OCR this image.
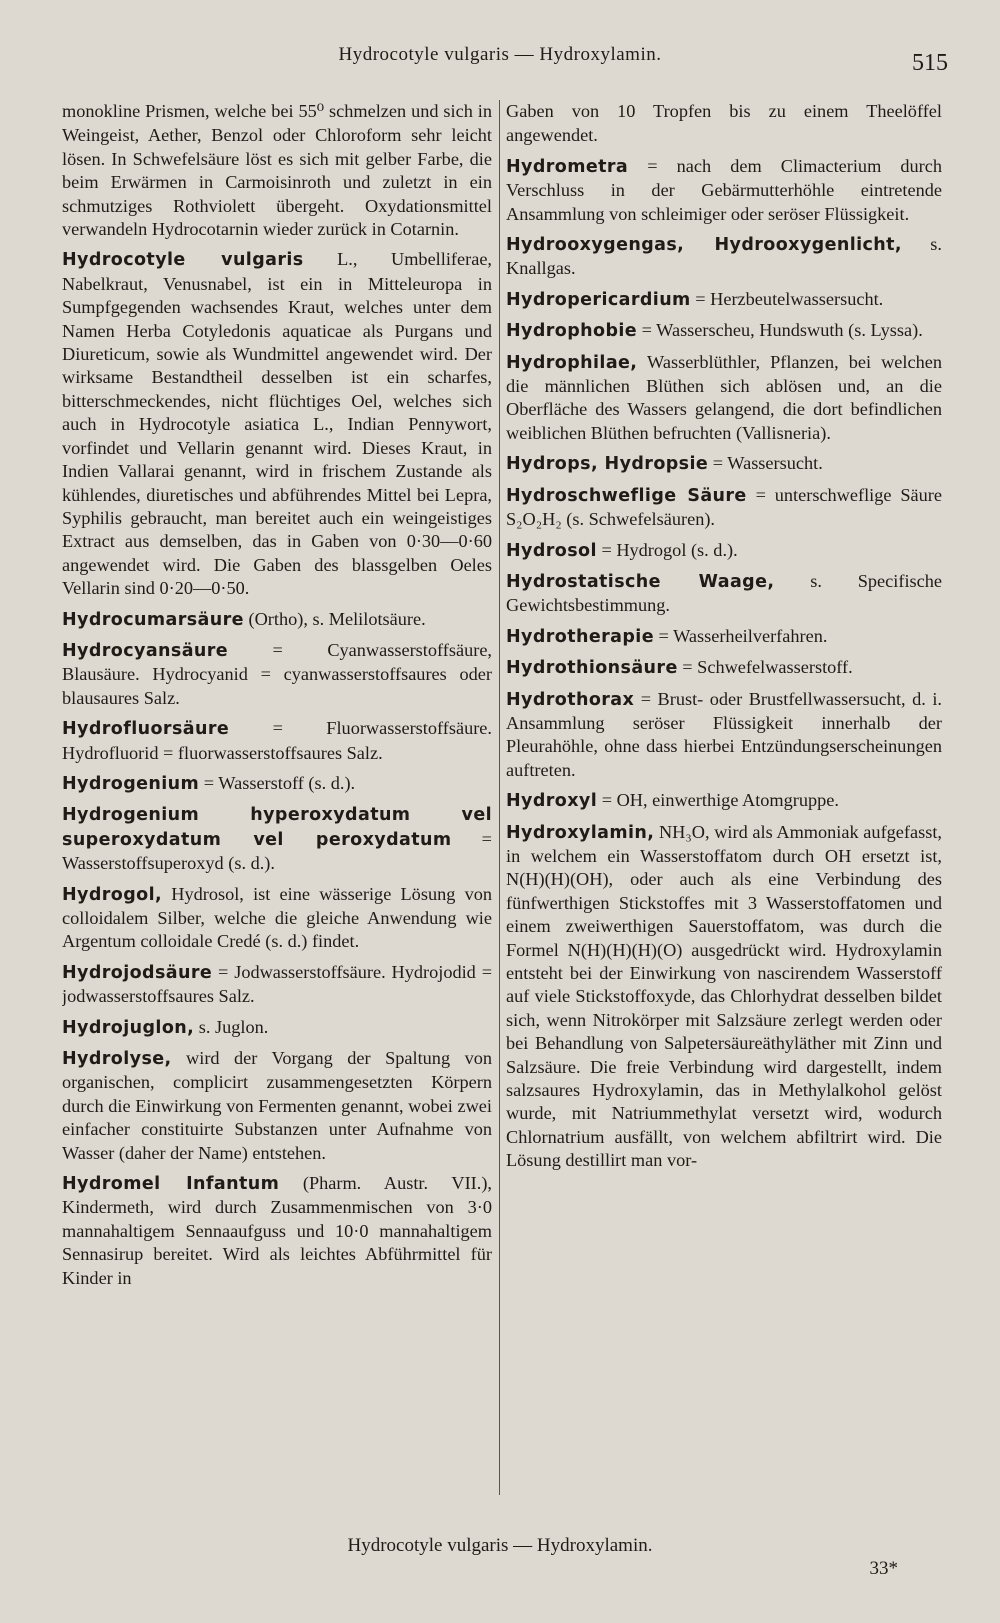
Hydrocotyle vulgaris — Hydroxylamin.	515

monokline Prismen, welche bei 55⁰ schmelzen und sich in Weingeist, Aether, Benzol oder Chloroform sehr leicht lösen. In Schwefelsäure löst es sich mit gelber Farbe, die beim Erwärmen in Carmoisinroth und zuletzt in ein schmutziges Rothviolett übergeht. Oxydationsmittel verwandeln Hydrocotarnin wieder zurück in Cotarnin.

Hydrocotyle vulgaris L., Umbelliferae, Nabelkraut, Venusnabel, ist ein in Mitteleuropa in Sumpfgegenden wachsendes Kraut, welches unter dem Namen Herba Cotyledonis aquaticae als Purgans und Diureticum, sowie als Wundmittel angewendet wird. Der wirksame Bestandtheil desselben ist ein scharfes, bitterschmeckendes, nicht flüchtiges Oel, welches sich auch in Hydrocotyle asiatica L., Indian Pennywort, vorfindet und Vellarin genannt wird. Dieses Kraut, in Indien Vallarai genannt, wird in frischem Zustande als kühlendes, diuretisches und abführendes Mittel bei Lepra, Syphilis gebraucht, man bereitet auch ein weingeistiges Extract aus demselben, das in Gaben von 0·30—0·60 angewendet wird. Die Gaben des blassgelben Oeles Vellarin sind 0·20—0·50.

Hydrocumarsäure (Ortho), s. Melilotsäure.

Hydrocyansäure = Cyanwasserstoffsäure, Blausäure. Hydrocyanid = cyanwasserstoffsaures oder blausaures Salz.

Hydrofluorsäure = Fluorwasserstoffsäure. Hydrofluorid = fluorwasserstoffsaures Salz.

Hydrogenium = Wasserstoff (s. d.).

Hydrogenium hyperoxydatum vel superoxydatum vel peroxydatum = Wasserstoffsuperoxyd (s. d.).

Hydrogol, Hydrosol, ist eine wässerige Lösung von colloidalem Silber, welche die gleiche Anwendung wie Argentum colloidale Credé (s. d.) findet.

Hydrojodsäure = Jodwasserstoffsäure. Hydrojodid = jodwasserstoffsaures Salz.

Hydrojuglon, s. Juglon.

Hydrolyse, wird der Vorgang der Spaltung von organischen, complicirt zusammengesetzten Körpern durch die Einwirkung von Fermenten genannt, wobei zwei einfacher constituirte Substanzen unter Aufnahme von Wasser (daher der Name) entstehen.

Hydromel Infantum (Pharm. Austr. VII.), Kindermeth, wird durch Zusammenmischen von 3·0 mannahaltigem Sennaaufguss und 10·0 mannahaltigem Sennasirup bereitet. Wird als leichtes Abführmittel für Kinder in

Gaben von 10 Tropfen bis zu einem Theelöffel angewendet.

Hydrometra = nach dem Climacterium durch Verschluss in der Gebärmutterhöhle eintretende Ansammlung von schleimiger oder seröser Flüssigkeit.

Hydrooxygengas, Hydrooxygenlicht, s. Knallgas.

Hydropericardium = Herzbeutelwassersucht.

Hydrophobie = Wasserscheu, Hundswuth (s. Lyssa).

Hydrophilae, Wasserblüthler, Pflanzen, bei welchen die männlichen Blüthen sich ablösen und, an die Oberfläche des Wassers gelangend, die dort befindlichen weiblichen Blüthen befruchten (Vallisneria).

Hydrops, Hydropsie = Wassersucht.

Hydroschweflige Säure = unterschweflige Säure S₂O₂H₂ (s. Schwefelsäuren).

Hydrosol = Hydrogol (s. d.).

Hydrostatische Waage, s. Specifische Gewichtsbestimmung.

Hydrotherapie = Wasserheilverfahren.

Hydrothionsäure = Schwefelwasserstoff.

Hydrothorax = Brust- oder Brustfellwassersucht, d. i. Ansammlung seröser Flüssigkeit innerhalb der Pleurahöhle, ohne dass hierbei Entzündungserscheinungen auftreten.

Hydroxyl = OH, einwerthige Atomgruppe.

Hydroxylamin, NH₃O, wird als Ammoniak aufgefasst, in welchem ein Wasserstoffatom durch OH ersetzt ist, N(H)(H)(OH), oder auch als eine Verbindung des fünfwerthigen Stickstoffes mit 3 Wasserstoffatomen und einem zweiwerthigen Sauerstoffatom, was durch die Formel N(H)(H)(H)(O) ausgedrückt wird. Hydroxylamin entsteht bei der Einwirkung von nascirendem Wasserstoff auf viele Stickstoffoxyde, das Chlorhydrat desselben bildet sich, wenn Nitrokörper mit Salzsäure zerlegt werden oder bei Behandlung von Salpetersäureäthyläther mit Zinn und Salzsäure. Die freie Verbindung wird dargestellt, indem salzsaures Hydroxylamin, das in Methylalkohol gelöst wurde, mit Natriummethylat versetzt wird, wodurch Chlornatrium ausfällt, von welchem abfiltrirt wird. Die Lösung destillirt man vor-

Hydrocotyle vulgaris — Hydroxylamin.
33*
